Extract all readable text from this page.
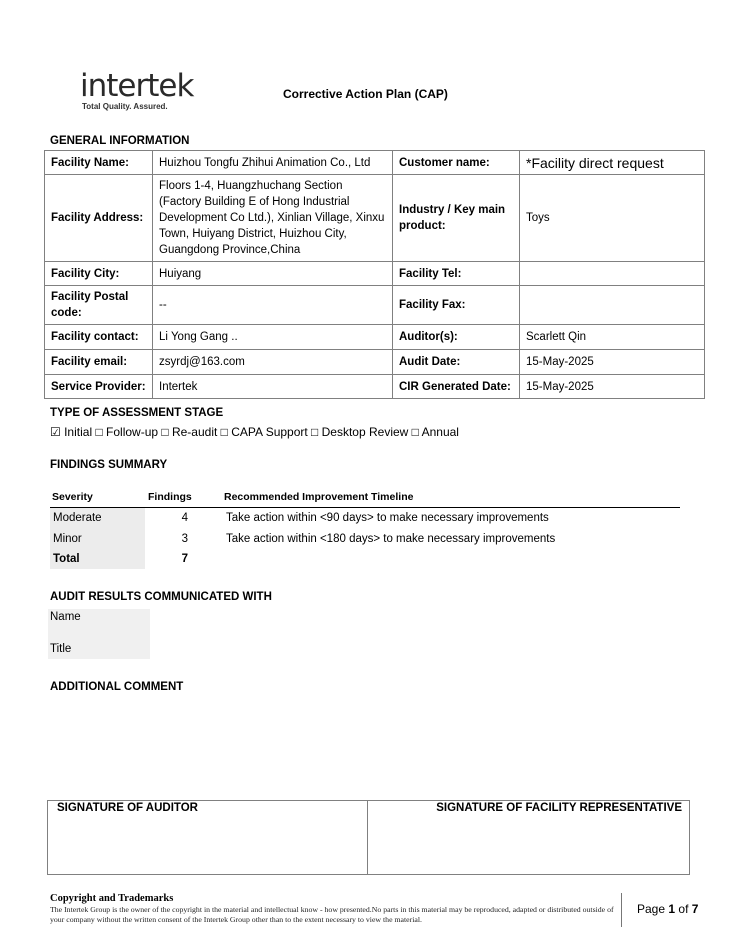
intertek
Total Quality. Assured.
Corrective Action Plan (CAP)
GENERAL INFORMATION
Facility Name:	Huizhou Tongfu Zhihui Animation Co., Ltd	Customer name:	*Facility direct request
Facility Address:	Floors 1-4, Huangzhuchang Section (Factory Building E of Hong Industrial Development Co Ltd.), Xinlian Village, Xinxu Town, Huiyang District, Huizhou City, Guangdong Province,China	Industry / Key main product:	Toys
Facility City:	Huiyang	Facility Tel:	
Facility Postal code:	--	Facility Fax:	
Facility contact:	Li Yong Gang ..	Auditor(s):	Scarlett Qin
Facility email:	zsyrdj@163.com	Audit Date:	15-May-2025
Service Provider:	Intertek	CIR Generated Date:	15-May-2025
TYPE OF ASSESSMENT STAGE
☑ Initial □ Follow-up □ Re-audit □ CAPA Support □ Desktop Review □ Annual
FINDINGS SUMMARY
Severity	Findings	Recommended Improvement Timeline
Moderate	4	Take action within <90 days> to make necessary improvements
Minor	3	Take action within <180 days> to make necessary improvements
Total	7
AUDIT RESULTS COMMUNICATED WITH
Name
Title
ADDITIONAL COMMENT
SIGNATURE OF AUDITOR	SIGNATURE OF FACILITY REPRESENTATIVE
Copyright and Trademarks
The Intertek Group is the owner of the copyright in the material and intellectual know - how presented.No parts in this material may be reproduced, adapted or distributed outside of your company without the written consent of the Intertek Group other than to the extent necessary to view the material.
Page 1 of 7
